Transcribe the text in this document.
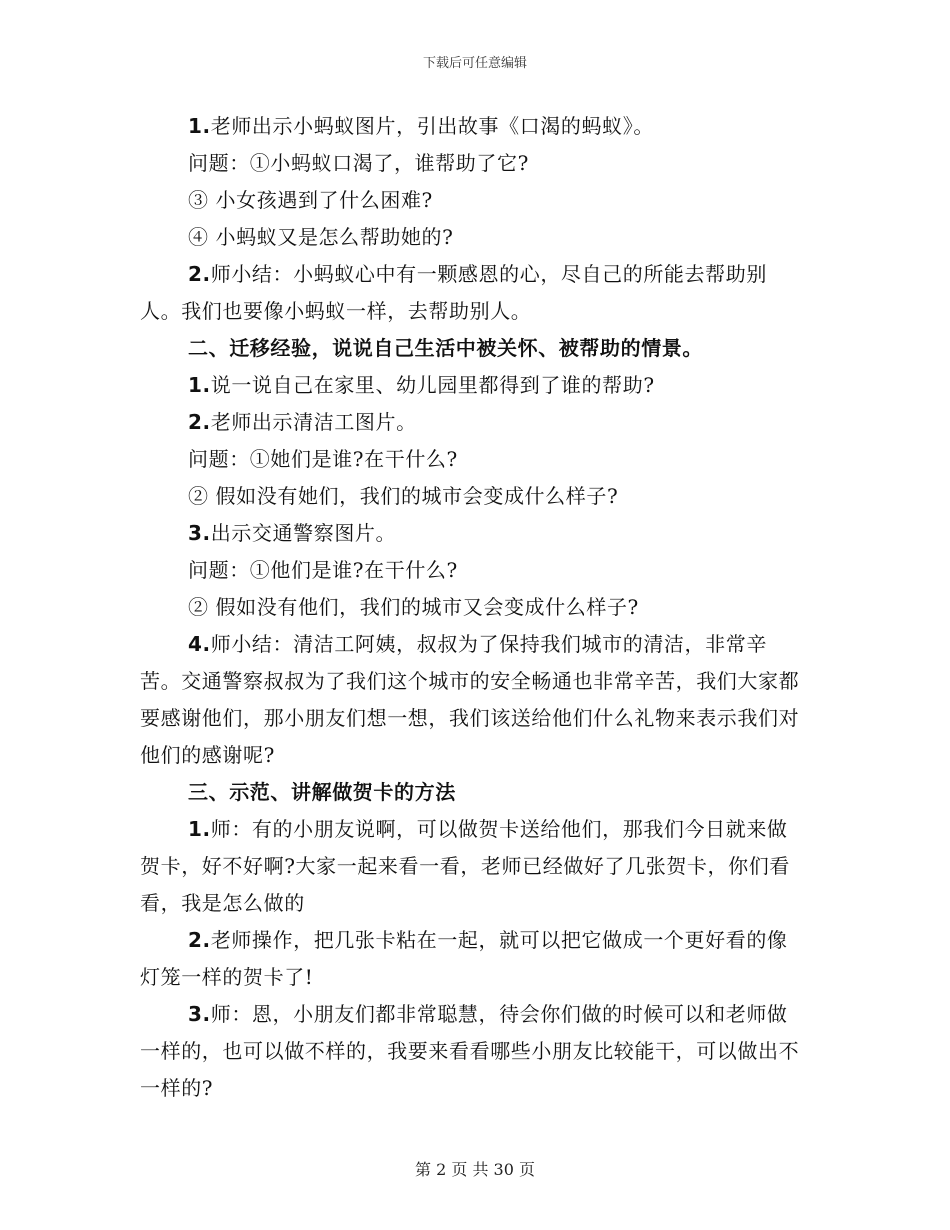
下载后可任意编辑

1.老师出示小蚂蚁图片，引出故事《口渴的蚂蚁》。

问题：①小蚂蚁口渴了，谁帮助了它?

③ 小女孩遇到了什么困难?

④ 小蚂蚁又是怎么帮助她的?

2.师小结：小蚂蚁心中有一颗感恩的心，尽自己的所能去帮助别人。我们也要像小蚂蚁一样，去帮助别人。

二、迁移经验，说说自己生活中被关怀、被帮助的情景。

1.说一说自己在家里、幼儿园里都得到了谁的帮助?

2.老师出示清洁工图片。

问题：①她们是谁?在干什么?

② 假如没有她们，我们的城市会变成什么样子?

3.出示交通警察图片。

问题：①他们是谁?在干什么?

② 假如没有他们，我们的城市又会变成什么样子?

4.师小结：清洁工阿姨，叔叔为了保持我们城市的清洁，非常辛苦。交通警察叔叔为了我们这个城市的安全畅通也非常辛苦，我们大家都要感谢他们，那小朋友们想一想，我们该送给他们什么礼物来表示我们对他们的感谢呢?

三、示范、讲解做贺卡的方法

1.师：有的小朋友说啊，可以做贺卡送给他们，那我们今日就来做贺卡，好不好啊?大家一起来看一看，老师已经做好了几张贺卡，你们看看，我是怎么做的

2.老师操作，把几张卡粘在一起，就可以把它做成一个更好看的像灯笼一样的贺卡了!

3.师：恩，小朋友们都非常聪慧，待会你们做的时候可以和老师做一样的，也可以做不样的，我要来看看哪些小朋友比较能干，可以做出不一样的?

第 2 页 共 30 页
